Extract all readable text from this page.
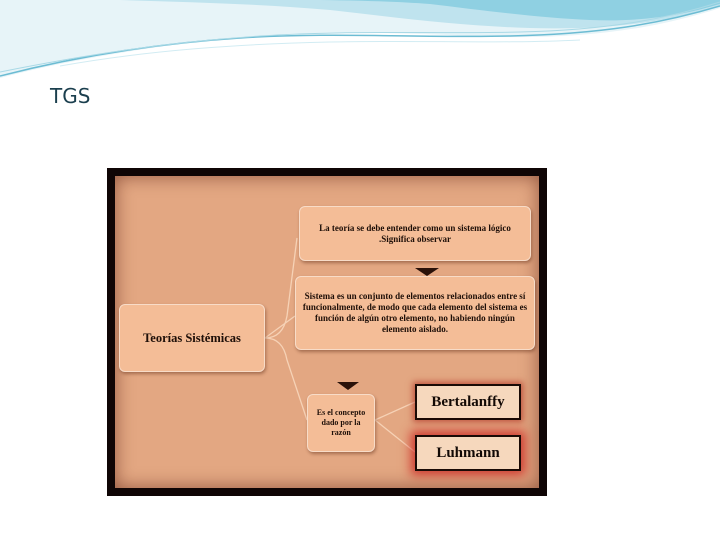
TGS
Teorías Sistémicas
La teoría se debe entender como un sistema lógico .Significa observar
Sistema es un conjunto de elementos relacionados entre sí funcionalmente, de modo que cada elemento del sistema es función de algún otro elemento, no habiendo ningún elemento aislado.
Es el concepto dado por la razón
Bertalanffy
Luhmann
